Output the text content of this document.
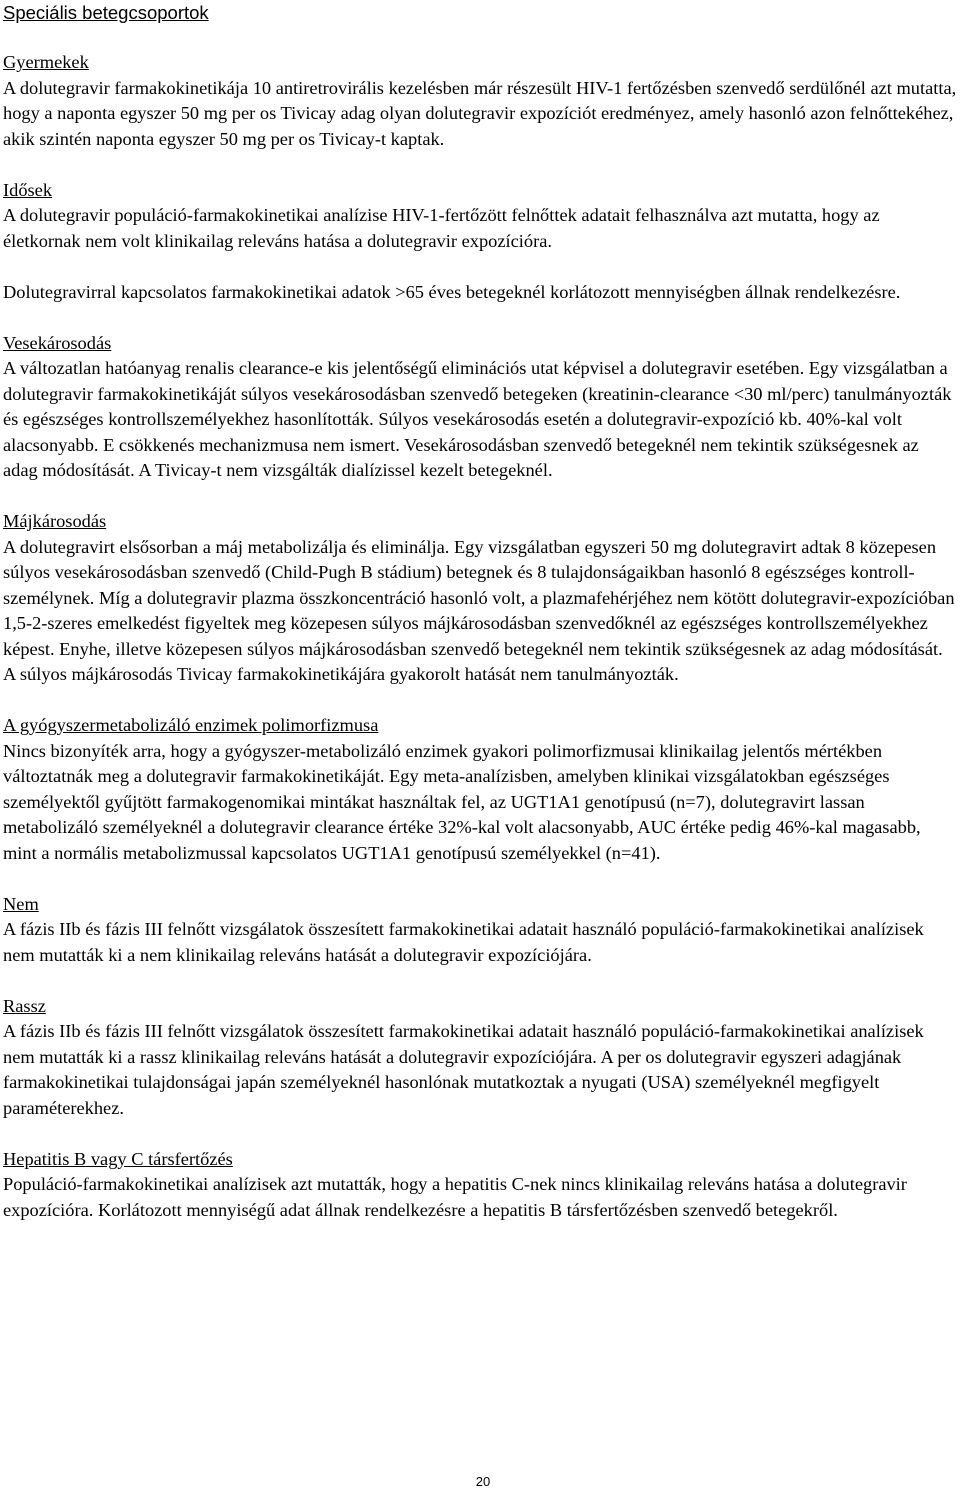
Speciális betegcsoportok
Gyermekek

A dolutegravir farmakokinetikája 10 antiretrovirális kezelésben már részesült HIV-1 fertőzésben szenvedő serdülőnél azt mutatta, hogy a naponta egyszer 50 mg per os Tivicay adag olyan dolutegravir expozíciót eredményez, amely hasonló azon felnőttekéhez, akik szintén naponta egyszer 50 mg per os Tivicay-t kaptak.

Idősek

A dolutegravir populáció-farmakokinetikai analízise HIV-1-fertőzött felnőttek adatait felhasználva azt mutatta, hogy az életkornak nem volt klinikailag releváns hatása a dolutegravir expozícióra.

Dolutegravirral kapcsolatos farmakokinetikai adatok >65 éves betegeknél korlátozott mennyiségben állnak rendelkezésre.

Vesekárosodás

A változatlan hatóanyag renalis clearance-e kis jelentőségű eliminációs utat képvisel a dolutegravir esetében. Egy vizsgálatban a dolutegravir farmakokinetikáját súlyos vesekárosodásban szenvedő betegeken (kreatinin-clearance <30 ml/perc) tanulmányozták és egészséges kontrollszemélyekhez hasonlították. Súlyos vesekárosodás esetén a dolutegravir-expozíció kb. 40%-kal volt alacsonyabb. E csökkenés mechanizmusa nem ismert. Vesekárosodásban szenvedő betegeknél nem tekintik szükségesnek az adag módosítását. A Tivicay-t nem vizsgálták dialízissel kezelt betegeknél.

Májkárosodás

A dolutegravirt elsősorban a máj metabolizálja és eliminálja. Egy vizsgálatban egyszeri 50 mg dolutegravirt adtak 8 közepesen súlyos vesekárosodásban szenvedő (Child-Pugh B stádium) betegnek és 8 tulajdonságaikban hasonló 8 egészséges kontroll-személynek. Míg a dolutegravir plazma összkoncentráció hasonló volt, a plazmafehérjéhez nem kötött dolutegravir-expozícióban 1,5-2-szeres emelkedést figyeltek meg közepesen súlyos májkárosodásban szenvedőknél az egészséges kontrollszemélyekhez képest. Enyhe, illetve közepesen súlyos májkárosodásban szenvedő betegeknél nem tekintik szükségesnek az adag módosítását. A súlyos májkárosodás Tivicay farmakokinetikájára gyakorolt hatását nem tanulmányozták.

A gyógyszermetabolizáló enzimek polimorfizmusa

Nincs bizonyíték arra, hogy a gyógyszer-metabolizáló enzimek gyakori polimorfizmusai klinikailag jelentős mértékben változtatnák meg a dolutegravir farmakokinetikáját. Egy meta-analízisben, amelyben klinikai vizsgálatokban egészséges személyektől gyűjtött farmakogenomikai mintákat használtak fel, az UGT1A1 genotípusú (n=7), dolutegravirt lassan metabolizáló személyeknél a dolutegravir clearance értéke 32%-kal volt alacsonyabb, AUC értéke pedig 46%-kal magasabb, mint a normális metabolizmussal kapcsolatos UGT1A1 genotípusú személyekkel (n=41).

Nem

A fázis IIb és fázis III felnőtt vizsgálatok összesített farmakokinetikai adatait használó populáció-farmakokinetikai analízisek nem mutatták ki a nem klinikailag releváns hatását a dolutegravir expozíciójára.

Rassz

A fázis IIb és fázis III felnőtt vizsgálatok összesített farmakokinetikai adatait használó populáció-farmakokinetikai analízisek nem mutatták ki a rassz klinikailag releváns hatását a dolutegravir expozíciójára. A per os dolutegravir egyszeri adagjának farmakokinetikai tulajdonságai japán személyeknél hasonlónak mutatkoztak a nyugati (USA) személyeknél megfigyelt paraméterekhez.

Hepatitis B vagy C társfertőzés

Populáció-farmakokinetikai analízisek azt mutatták, hogy a hepatitis C-nek nincs klinikailag releváns hatása a dolutegravir expozícióra. Korlátozott mennyiségű adat állnak rendelkezésre a hepatitis B társfertőzésben szenvedő betegekről.

20
